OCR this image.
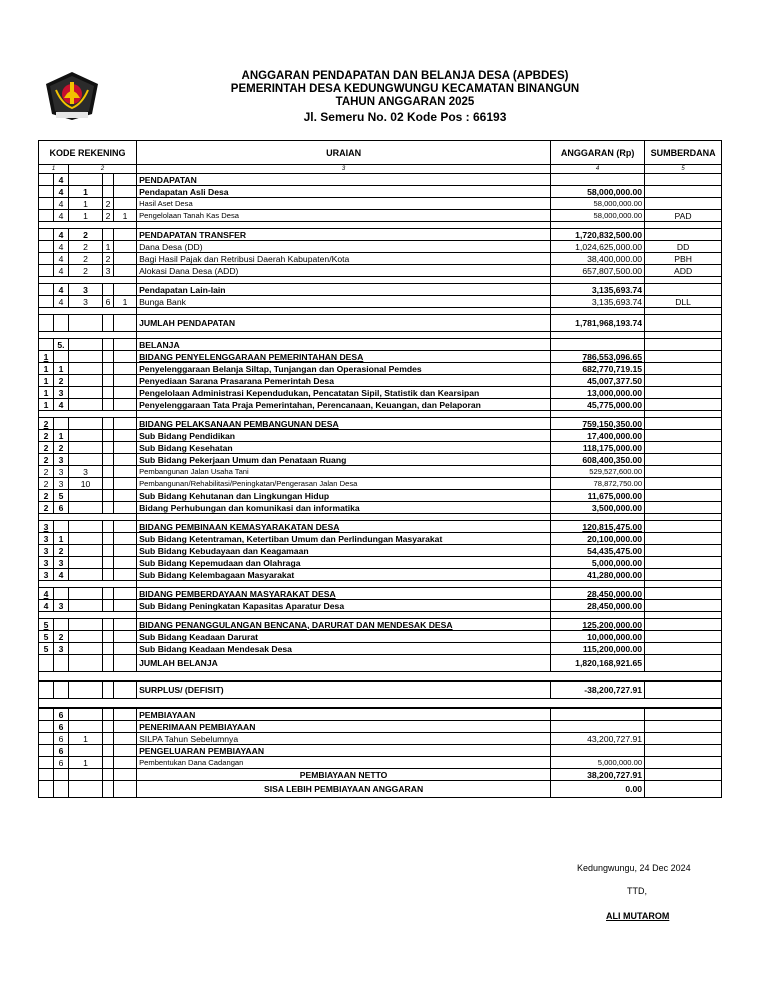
ANGGARAN PENDAPATAN DAN BELANJA DESA (APBDES)
PEMERINTAH DESA KEDUNGWUNGU KECAMATAN BINANGUN
TAHUN ANGGARAN 2025
Jl. Semeru No. 02 Kode Pos : 66193
KODE REKENING					URAIAN	ANGGARAN (Rp)	SUMBERDANA
1		2			3	4	5
	4				PENDAPATAN		
	4	1			Pendapatan Asli Desa	58,000,000.00	
	4	1	2		Hasil Aset Desa	58,000,000.00	
	4	1	2	1	Pengelolaan Tanah Kas Desa	58,000,000.00	PAD

	4	2			PENDAPATAN TRANSFER	1,720,832,500.00	
	4	2	1		Dana Desa (DD)	1,024,625,000.00	DD
	4	2	2		Bagi Hasil Pajak dan Retribusi Daerah Kabupaten/Kota	38,400,000.00	PBH
	4	2	3		Alokasi Dana Desa (ADD)	657,807,500.00	ADD

	4	3			Pendapatan Lain-lain	3,135,693.74	
	4	3	6	1	Bunga Bank	3,135,693.74	DLL

					JUMLAH PENDAPATAN	1,781,968,193.74	

	5.				BELANJA		
1					BIDANG PENYELENGGARAAN PEMERINTAHAN DESA	786,553,096.65	
1	1				Penyelenggaraan Belanja Siltap, Tunjangan dan Operasional Pemdes	682,770,719.15	
1	2				Penyediaan Sarana Prasarana Pemerintah Desa	45,007,377.50	
1	3				Pengelolaan Administrasi Kependudukan, Pencatatan Sipil, Statistik dan Kearsipan	13,000,000.00	
1	4				Penyelenggaraan Tata Praja Pemerintahan, Perencanaan, Keuangan, dan Pelaporan	45,775,000.00	

2					BIDANG PELAKSANAAN PEMBANGUNAN DESA	759,150,350.00	
2	1				Sub Bidang Pendidikan	17,400,000.00	
2	2				Sub Bidang Kesehatan	118,175,000.00	
2	3				Sub Bidang Pekerjaan Umum dan Penataan Ruang	608,400,350.00	
2	3	3			Pembangunan Jalan Usaha Tani	529,527,600.00	
2	3	10			Pembangunan/Rehabilitasi/Peningkatan/Pengerasan Jalan Desa	78,872,750.00	
2	5				Sub Bidang Kehutanan dan Lingkungan Hidup	11,675,000.00	
2	6				Bidang Perhubungan dan komunikasi dan informatika	3,500,000.00	

3					BIDANG PEMBINAAN KEMASYARAKATAN DESA	120,815,475.00	
3	1				Sub Bidang Ketentraman, Ketertiban Umum dan Perlindungan Masyarakat	20,100,000.00	
3	2				Sub Bidang Kebudayaan dan Keagamaan	54,435,475.00	
3	3				Sub Bidang Kepemudaan dan Olahraga	5,000,000.00	
3	4				Sub Bidang Kelembagaan Masyarakat	41,280,000.00	

4					BIDANG PEMBERDAYAAN MASYARAKAT DESA	28,450,000.00	
4	3				Sub Bidang Peningkatan Kapasitas Aparatur Desa	28,450,000.00	

5					BIDANG PENANGGULANGAN BENCANA, DARURAT DAN MENDESAK DESA	125,200,000.00	
5	2				Sub Bidang Keadaan Darurat	10,000,000.00	
5	3				Sub Bidang Keadaan Mendesak Desa	115,200,000.00	
					JUMLAH BELANJA	1,820,168,921.65	

					SURPLUS/ (DEFISIT)	-38,200,727.91	

	6				PEMBIAYAAN		
	6				PENERIMAAN PEMBIAYAAN		
	6	1			SILPA Tahun Sebelumnya	43,200,727.91	
	6				PENGELUARAN PEMBIAYAAN		
	6	1			Pembentukan Dana Cadangan	5,000,000.00	
					PEMBIAYAAN NETTO	38,200,727.91	
					SISA LEBIH PEMBIAYAAN ANGGARAN	0.00	
Kedungwungu, 24 Dec 2024
TTD,
ALI MUTAROM
